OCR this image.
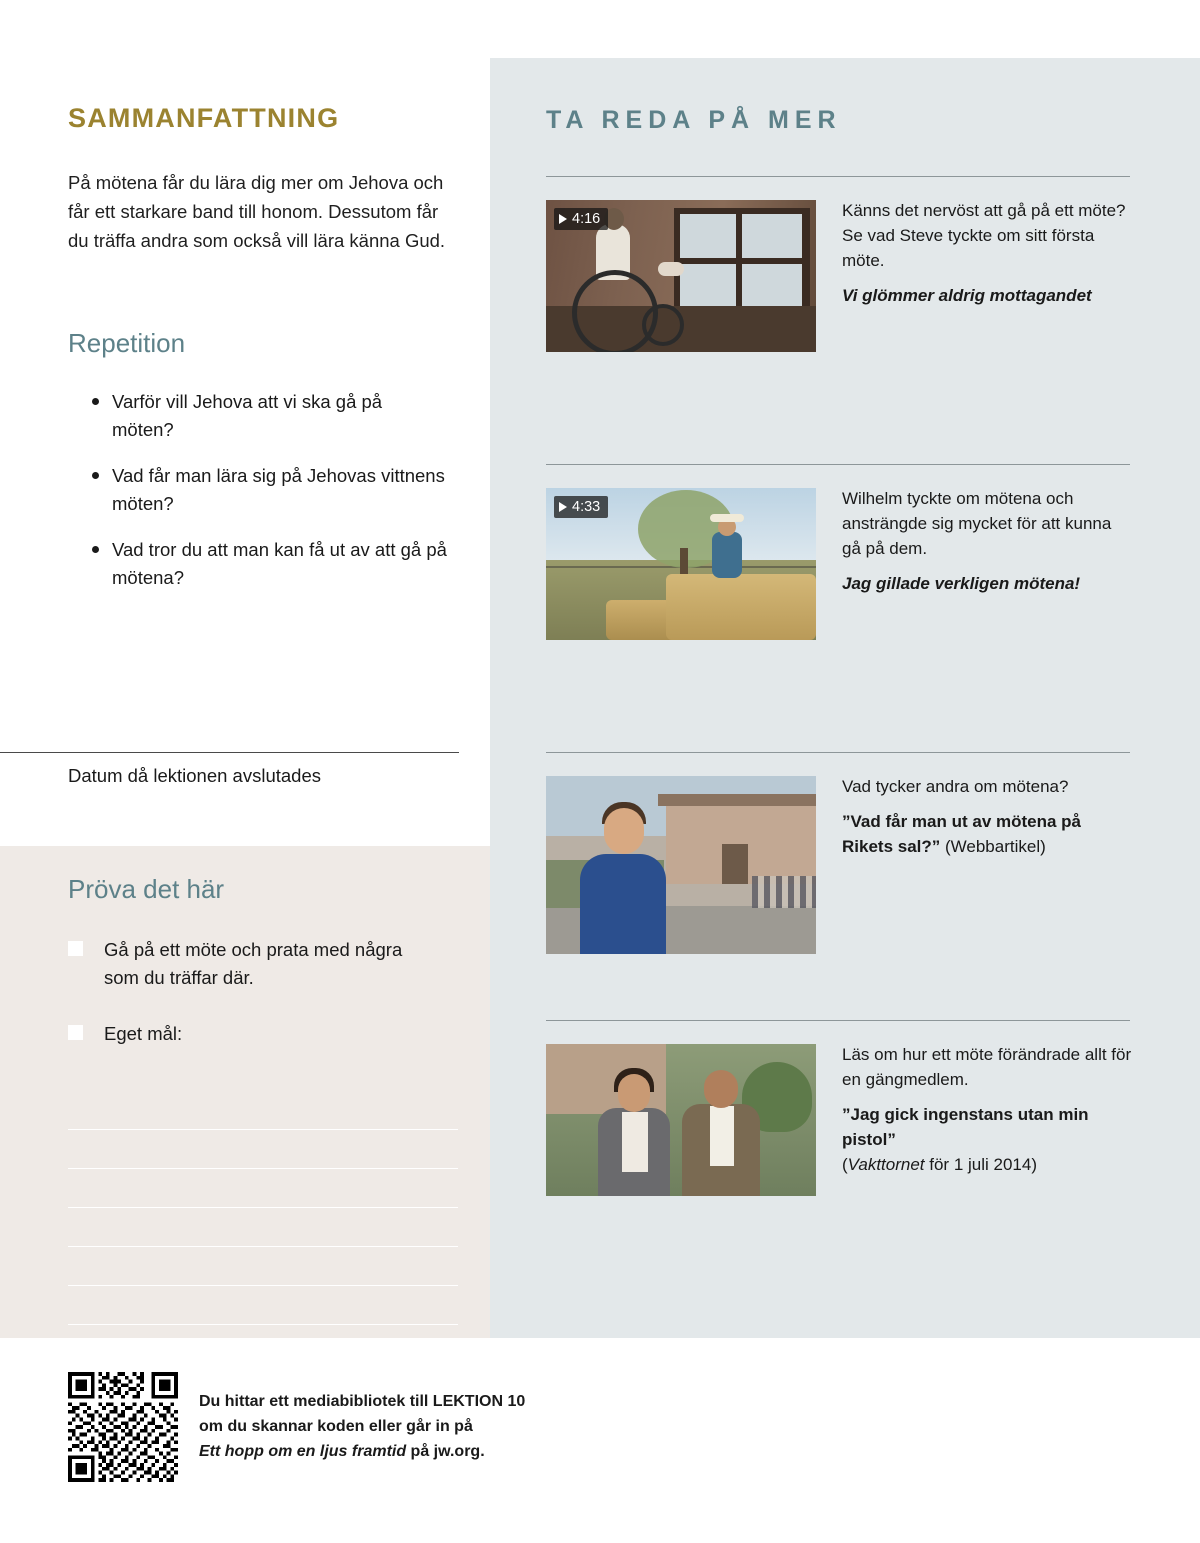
SAMMANFATTNING
På mötena får du lära dig mer om Jehova och får ett starkare band till honom. Dessutom får du träffa andra som också vill lära känna Gud.
Repetition
Varför vill Jehova att vi ska gå på möten?
Vad får man lära sig på Jehovas vittnens möten?
Vad tror du att man kan få ut av att gå på mötena?
Datum då lektionen avslutades
Pröva det här
Gå på ett möte och prata med några som du träffar där.
Eget mål:
TA REDA PÅ MER
4:16	Känns det nervöst att gå på ett möte? Se vad Steve tyckte om sitt första möte.
Vi glömmer aldrig mottagandet
4:33	Wilhelm tyckte om mötena och ansträngde sig mycket för att kunna gå på dem.
Jag gillade verkligen mötena!
Vad tycker andra om mötena?
”Vad får man ut av mötena på Rikets sal?” (Webbartikel)
Läs om hur ett möte förändrade allt för en gängmedlem.
”Jag gick ingenstans utan min pistol”
(Vakttornet för 1 juli 2014)
Du hittar ett mediabibliotek till LEKTION 10
om du skannar koden eller går in på
Ett hopp om en ljus framtid på jw.org.
